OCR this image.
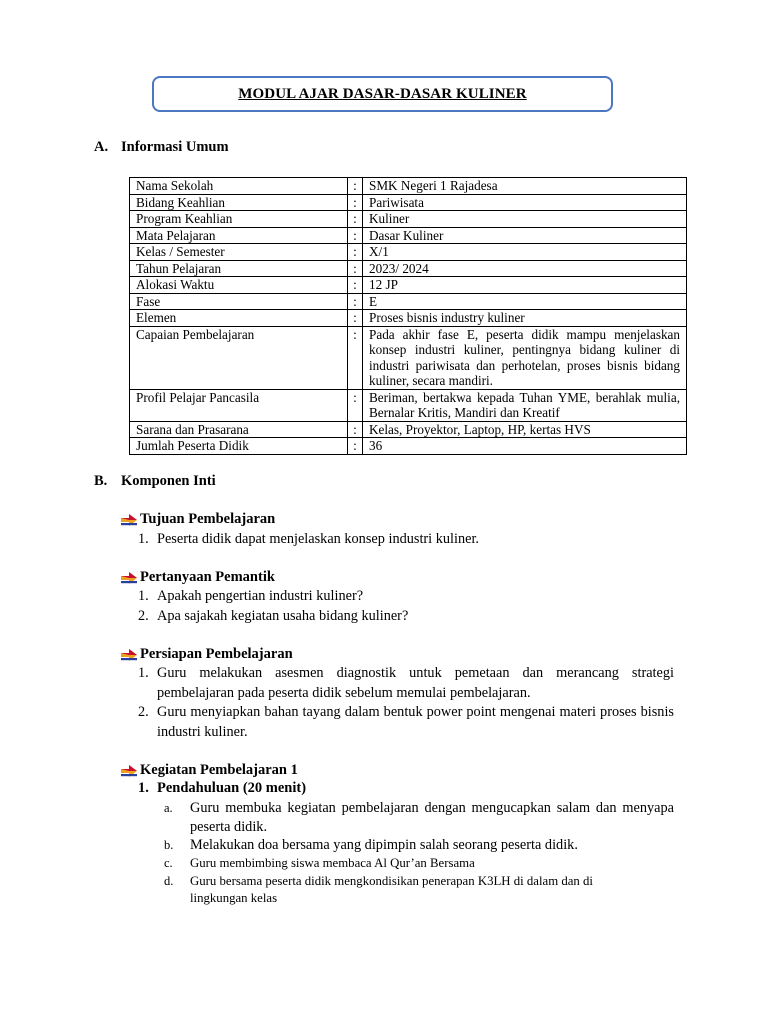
MODUL AJAR DASAR-DASAR KULINER
A. Informasi Umum
Nama Sekolah	:	SMK Negeri 1 Rajadesa
Bidang Keahlian	:	Pariwisata
Program Keahlian	:	Kuliner
Mata Pelajaran	:	Dasar Kuliner
Kelas / Semester	:	X/1
Tahun Pelajaran	:	2023/ 2024
Alokasi Waktu	:	12 JP
Fase	:	E
Elemen	:	Proses bisnis industry kuliner
Capaian Pembelajaran	:	Pada akhir fase E, peserta didik mampu menjelaskan konsep industri kuliner, pentingnya bidang kuliner di industri pariwisata dan perhotelan, proses bisnis bidang kuliner, secara mandiri.
Profil Pelajar Pancasila	:	Beriman, bertakwa kepada Tuhan YME, berahlak mulia, Bernalar Kritis, Mandiri dan Kreatif
Sarana dan Prasarana	:	Kelas, Proyektor, Laptop, HP, kertas HVS
Jumlah Peserta Didik	:	36
B. Komponen Inti
Tujuan Pembelajaran
1. Peserta didik dapat menjelaskan konsep industri kuliner.
Pertanyaan Pemantik
1. Apakah pengertian industri kuliner?
2. Apa sajakah kegiatan usaha bidang kuliner?
Persiapan Pembelajaran
1. Guru melakukan asesmen diagnostik untuk pemetaan dan merancang strategi pembelajaran pada peserta didik sebelum memulai pembelajaran.
2. Guru menyiapkan bahan tayang dalam bentuk power point mengenai materi proses bisnis industri kuliner.
Kegiatan Pembelajaran 1
1. Pendahuluan (20 menit)
a.	Guru membuka kegiatan pembelajaran dengan mengucapkan salam dan menyapa peserta didik.
b.	Melakukan doa bersama yang dipimpin salah seorang peserta didik.
c.	Guru membimbing siswa membaca Al Qur’an Bersama
d.	Guru bersama peserta didik mengkondisikan penerapan K3LH di dalam dan di lingkungan kelas
